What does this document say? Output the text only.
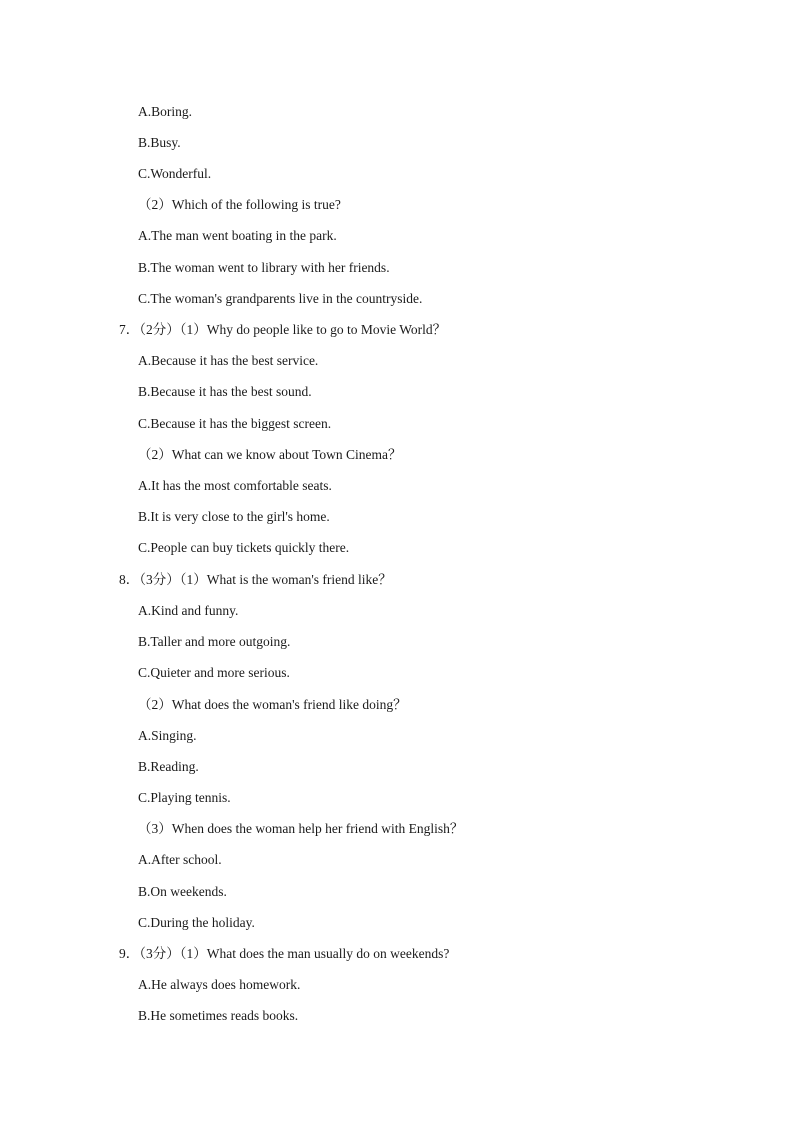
A.Boring.
B.Busy.
C.Wonderful.
（2）Which of the following is true?
A.The man went boating in the park.
B.The woman went to library with her friends.
C.The woman's grandparents live in the countryside.
7．（2分）（1）Why do people like to go to Movie World？
A.Because it has the best service.
B.Because it has the best sound.
C.Because it has the biggest screen.
（2）What can we know about Town Cinema？
A.It has the most comfortable seats.
B.It is very close to the girl's home.
C.People can buy tickets quickly there.
8．（3分）（1）What is the woman's friend like？
A.Kind and funny.
B.Taller and more outgoing.
C.Quieter and more serious.
（2）What does the woman's friend like doing？
A.Singing.
B.Reading.
C.Playing tennis.
（3）When does the woman help her friend with English？
A.After school.
B.On weekends.
C.During the holiday.
9．（3分）（1）What does the man usually do on weekends?
A.He always does homework.
B.He sometimes reads books.
